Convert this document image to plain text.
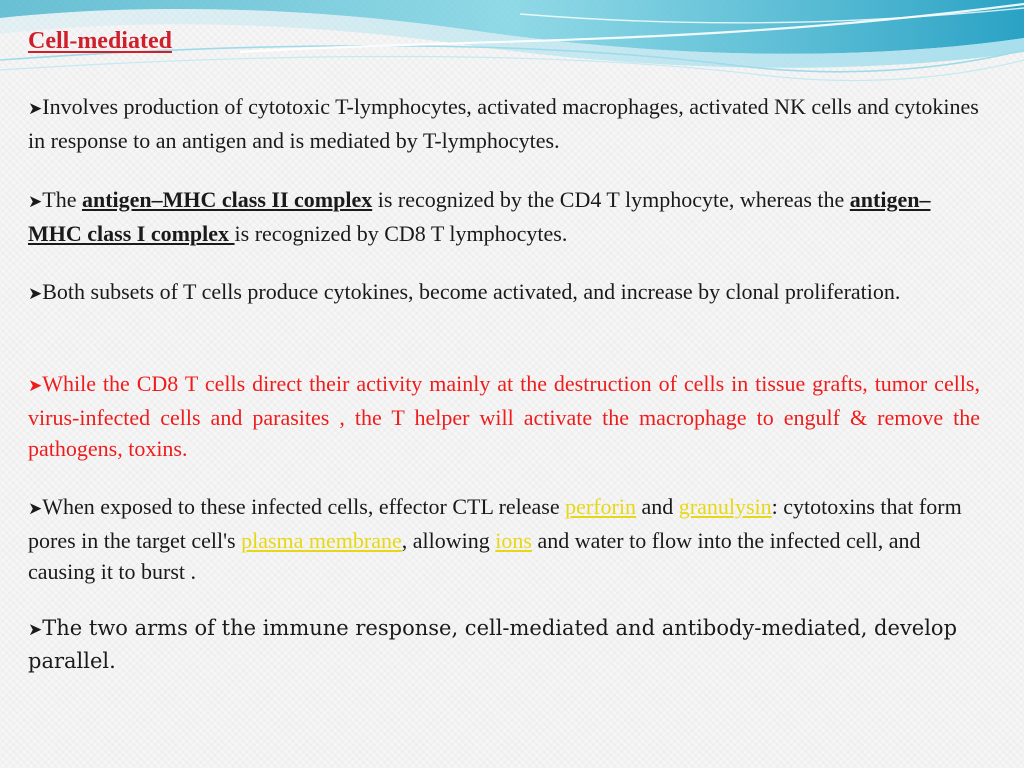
Cell-mediated

➤Involves production of cytotoxic T-lymphocytes, activated macrophages, activated NK cells and cytokines in response to an antigen and is mediated by T-lymphocytes.

➤The antigen–MHC class II complex is recognized by the CD4 T lymphocyte, whereas the antigen– MHC class I complex is recognized by CD8 T lymphocytes.

➤Both subsets of T cells produce cytokines, become activated, and increase by clonal proliferation.

➤While the CD8 T cells direct their activity mainly at the destruction of cells in tissue grafts, tumor cells, virus-infected cells and parasites , the T helper will activate the macrophage to engulf & remove the pathogens, toxins.

➤When exposed to these infected cells, effector CTL release perforin and granulysin: cytotoxins that form pores in the target cell's plasma membrane, allowing ions and water to flow into the infected cell, and causing it to burst .

➤The two arms of the immune response, cell-mediated and antibody-mediated, develop parallel.
